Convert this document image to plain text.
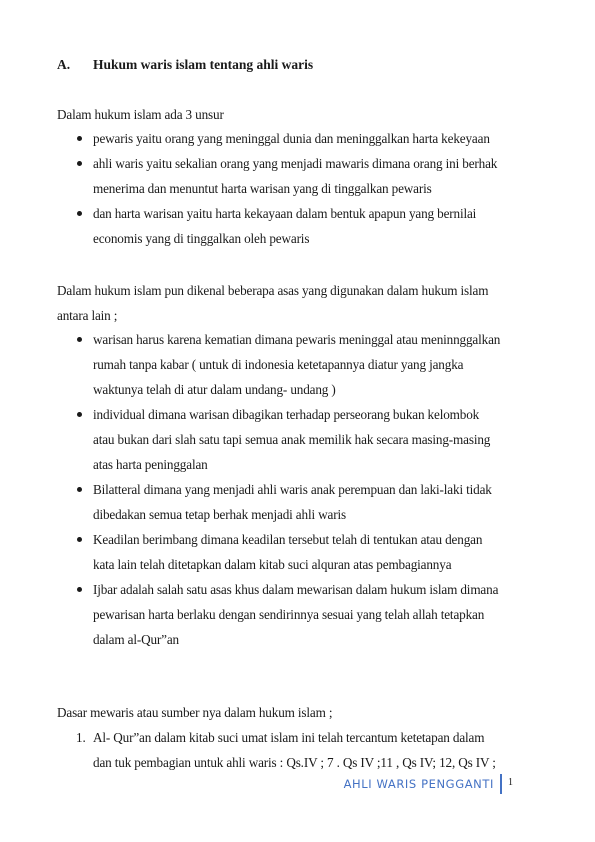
A. Hukum waris islam tentang ahli waris
Dalam hukum islam ada 3 unsur
pewaris yaitu orang yang meninggal dunia dan meninggalkan harta kekeyaan
ahli waris yaitu sekalian orang yang menjadi mawaris dimana orang ini berhak
menerima dan menuntut harta warisan yang di tinggalkan pewaris
dan harta warisan yaitu harta kekayaan dalam bentuk apapun yang bernilai
economis yang di tinggalkan oleh pewaris
Dalam hukum islam pun dikenal beberapa asas yang digunakan dalam hukum islam
antara lain ;
warisan harus karena kematian dimana pewaris meninggal atau meninnggalkan
rumah tanpa kabar ( untuk di indonesia ketetapannya diatur yang jangka
waktunya telah di atur dalam undang- undang )
individual dimana warisan dibagikan terhadap perseorang bukan kelombok
atau bukan dari slah satu tapi semua anak memilik hak secara masing-masing
atas harta peninggalan
Bilatteral dimana yang menjadi ahli waris anak perempuan dan laki-laki tidak
dibedakan semua tetap berhak menjadi ahli waris
Keadilan berimbang dimana keadilan tersebut telah di tentukan atau dengan
kata lain telah ditetapkan dalam kitab suci alquran atas pembagiannya
Ijbar adalah salah satu asas khus dalam mewarisan dalam hukum islam dimana
pewarisan harta berlaku dengan sendirinnya sesuai yang telah allah tetapkan
dalam al-Qur”an
Dasar mewaris atau sumber nya dalam hukum islam ;
1. Al- Qur”an dalam kitab suci umat islam ini telah tercantum ketetapan dalam
dan tuk pembagian untuk ahli waris : Qs.IV ; 7 . Qs IV ;11 , Qs IV; 12, Qs IV ;
AHLI WARIS PENGGANTI 1
